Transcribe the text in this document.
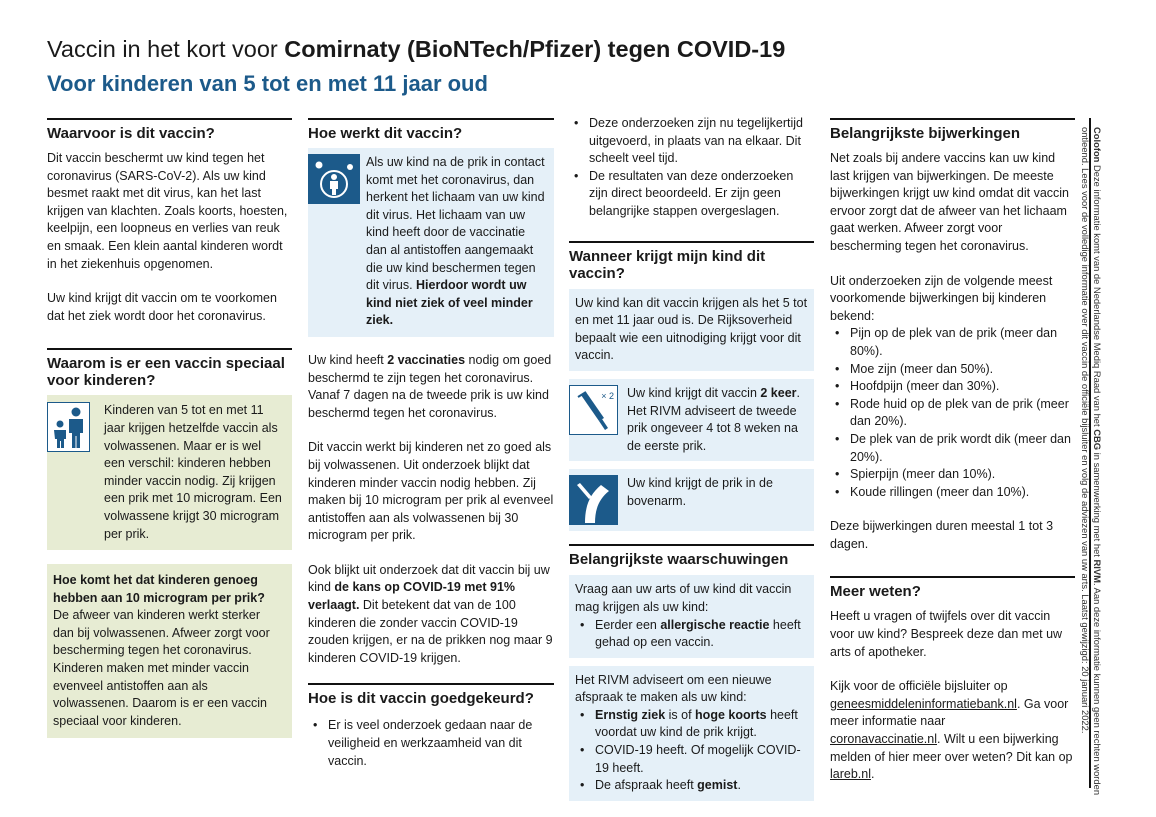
Vaccin in het kort voor Comirnaty (BioNTech/Pfizer) tegen COVID-19
Voor kinderen van 5 tot en met 11 jaar oud
Waarvoor is dit vaccin?

Dit vaccin beschermt uw kind tegen het coronavirus (SARS-CoV-2). Als uw kind besmet raakt met dit virus, kan het last krijgen van klachten. Zoals koorts, hoesten, keelpijn, een loopneus en verlies van reuk en smaak. Een klein aantal kinderen wordt in het ziekenhuis opgenomen.

Uw kind krijgt dit vaccin om te voorkomen dat het ziek wordt door het coronavirus.

Waarom is er een vaccin speciaal voor kinderen?

Kinderen van 5 tot en met 11 jaar krijgen hetzelfde vaccin als volwassenen. Maar er is wel een verschil: kinderen hebben minder vaccin nodig. Zij krijgen een prik met 10 microgram. Een volwassene krijgt 30 microgram per prik.

Hoe komt het dat kinderen genoeg hebben aan 10 microgram per prik?

De afweer van kinderen werkt sterker dan bij volwassenen. Afweer zorgt voor bescherming tegen het coronavirus. Kinderen maken met minder vaccin evenveel antistoffen aan als volwassenen. Daarom is er een vaccin speciaal voor kinderen.

Hoe werkt dit vaccin?

Als uw kind na de prik in contact komt met het coronavirus, dan herkent het lichaam van uw kind dit virus. Het lichaam van uw kind heeft door de vaccinatie dan al antistoffen aangemaakt die uw kind beschermen tegen dit virus. Hierdoor wordt uw kind niet ziek of veel minder ziek.

Uw kind heeft 2 vaccinaties nodig om goed beschermd te zijn tegen het coronavirus. Vanaf 7 dagen na de tweede prik is uw kind beschermd tegen het coronavirus.

Dit vaccin werkt bij kinderen net zo goed als bij volwassenen. Uit onderzoek blijkt dat kinderen minder vaccin nodig hebben. Zij maken bij 10 microgram per prik al evenveel antistoffen aan als volwassenen bij 30 microgram per prik.

Ook blijkt uit onderzoek dat dit vaccin bij uw kind de kans op COVID-19 met 91% verlaagt. Dit betekent dat van de 100 kinderen die zonder vaccin COVID-19 zouden krijgen, er na de prikken nog maar 9 kinderen COVID-19 krijgen.

Hoe is dit vaccin goedgekeurd?
• Er is veel onderzoek gedaan naar de veiligheid en werkzaamheid van dit vaccin.
• Deze onderzoeken zijn nu tegelijkertijd uitgevoerd, in plaats van na elkaar. Dit scheelt veel tijd.
• De resultaten van deze onderzoeken zijn direct beoordeeld. Er zijn geen belangrijke stappen overgeslagen.
Wanneer krijgt mijn kind dit vaccin?

Uw kind kan dit vaccin krijgen als het 5 tot en met 11 jaar oud is. De Rijksoverheid bepaalt wie een uitnodiging krijgt voor dit vaccin.

× 2 Uw kind krijgt dit vaccin 2 keer. Het RIVM adviseert de tweede prik ongeveer 4 tot 8 weken na de eerste prik.

Uw kind krijgt de prik in de bovenarm.

Belangrijkste waarschuwingen

Vraag aan uw arts of uw kind dit vaccin mag krijgen als uw kind:

• Eerder een allergische reactie heeft gehad op een vaccin.

Het RIVM adviseert om een nieuwe afspraak te maken als uw kind:

• Ernstig ziek is of hoge koorts heeft voordat uw kind de prik krijgt.
• COVID-19 heeft. Of mogelijk COVID-19 heeft.
• De afspraak heeft gemist.
Belangrijkste bijwerkingen

Net zoals bij andere vaccins kan uw kind last krijgen van bijwerkingen. De meeste bijwerkingen krijgt uw kind omdat dit vaccin ervoor zorgt dat de afweer van het lichaam gaat werken. Afweer zorgt voor bescherming tegen het coronavirus.

Uit onderzoeken zijn de volgende meest voorkomende bijwerkingen bij kinderen bekend:

• Pijn op de plek van de prik (meer dan 80%).
• Moe zijn (meer dan 50%).
• Hoofdpijn (meer dan 30%).
• Rode huid op de plek van de prik (meer dan 20%).
• De plek van de prik wordt dik (meer dan 20%).
• Spierpijn (meer dan 10%).
• Koude rillingen (meer dan 10%).

Deze bijwerkingen duren meestal 1 tot 3 dagen.

Meer weten?

Heeft u vragen of twijfels over dit vaccin voor uw kind? Bespreek deze dan met uw arts of apotheker.

Kijk voor de officiële bijsluiter op
geneesmiddeleninformatiebank.nl. Ga voor meer informatie naar
coronavaccinatie.nl. Wilt u een bijwerking melden of hier meer over weten? Dit kan op lareb.nl.

Colofon Deze informatie komt van de Nederlandse Mediq Raad van het CBG in samenwerking met het RIVM. Aan deze informatie kunnen geen rechten worden ontleend. Lees voor de volledige informatie over dit vaccin de officiële bijsluiter en volg de adviezen van uw arts. Laatst gewijzigd: 20 januari 2022.
